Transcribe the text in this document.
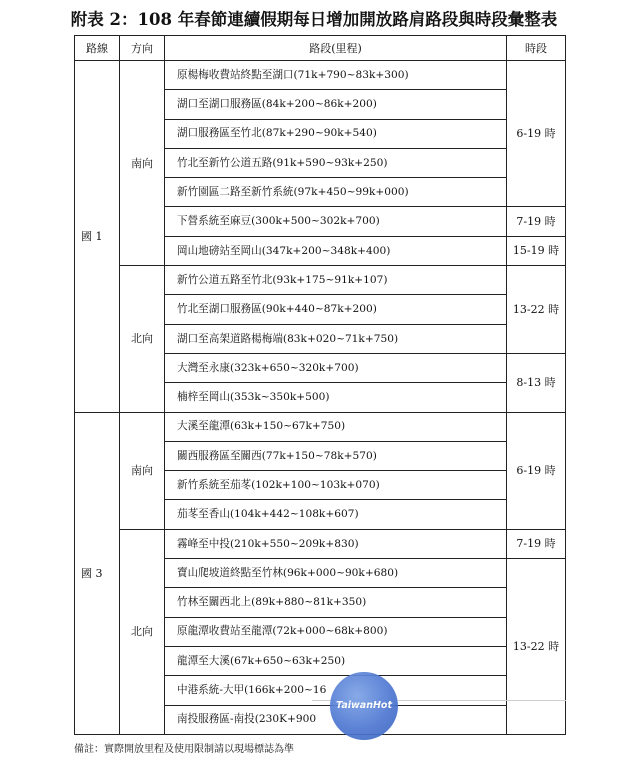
附表 2：108 年春節連續假期每日增加開放路肩路段與時段彙整表
路線	方向	路段(里程)	時段
國 1	南向	原楊梅收費站終點至湖口(71k+790~83k+300)	6-19 時
		湖口至湖口服務區(84k+200~86k+200)	
		湖口服務區至竹北(87k+290~90k+540)	
		竹北至新竹公道五路(91k+590~93k+250)	
		新竹園區二路至新竹系統(97k+450~99k+000)	
		下營系統至麻豆(300k+500~302k+700)	7-19 時
		岡山地磅站至岡山(347k+200~348k+400)	15-19 時
	北向	新竹公道五路至竹北(93k+175~91k+107)	13-22 時
		竹北至湖口服務區(90k+440~87k+200)	
		湖口至高架道路楊梅端(83k+020~71k+750)	
		大灣至永康(323k+650~320k+700)	8-13 時
		楠梓至岡山(353k~350k+500)	
國 3	南向	大溪至龍潭(63k+150~67k+750)	6-19 時
		關西服務區至關西(77k+150~78k+570)	
		新竹系統至茄苳(102k+100~103k+070)	
		茄苳至香山(104k+442~108k+607)	
	北向	霧峰至中投(210k+550~209k+830)	7-19 時
		寶山爬坡道終點至竹林(96k+000~90k+680)	13-22 時
		竹林至關西北上(89k+880~81k+350)	
		原龍潭收費站至龍潭(72k+000~68k+800)	
		龍潭至大溪(67k+650~63k+250)	
		中港系統-大甲(166k+200~16	
		南投服務區-南投(230K+900	
TaiwanHot
備註：實際開放里程及使用限制請以現場標誌為準
